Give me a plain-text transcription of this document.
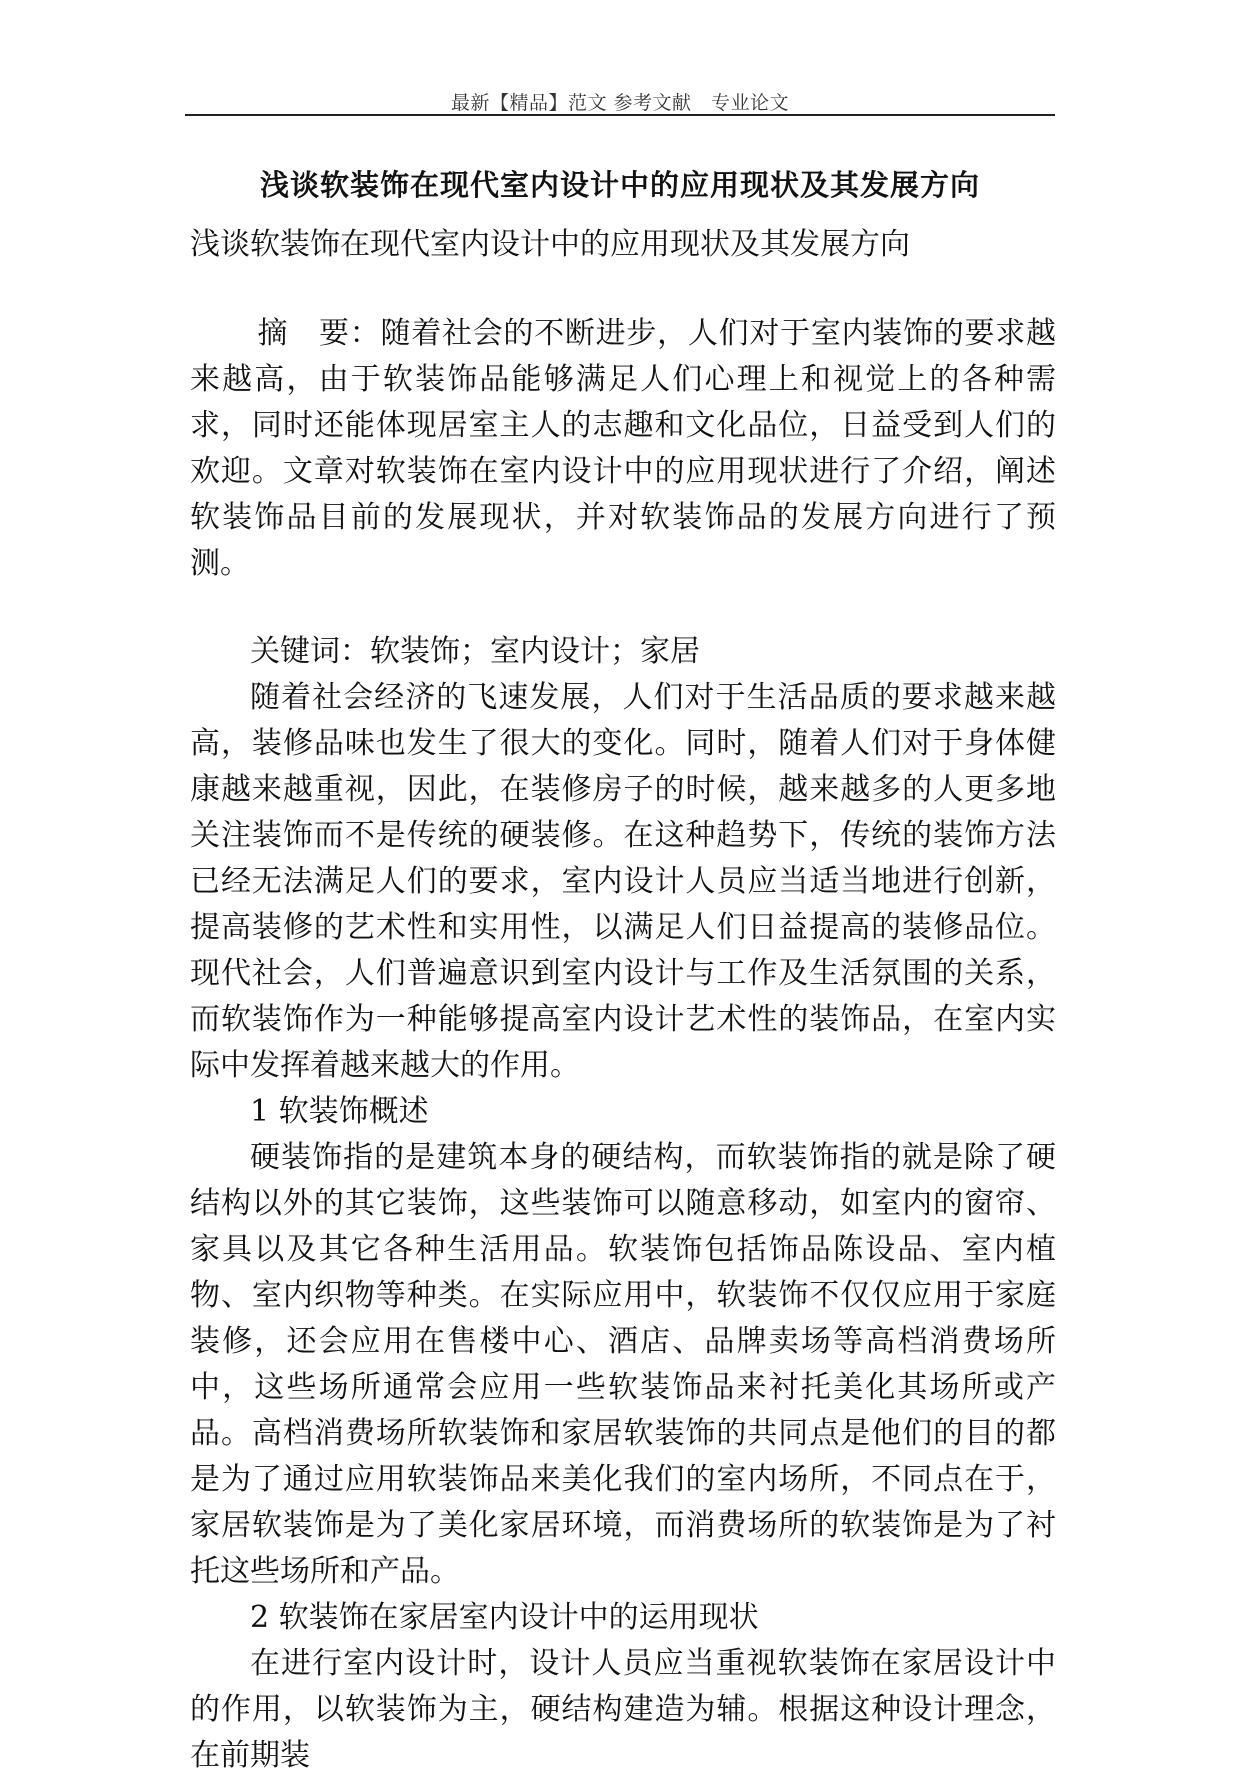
最新【精品】范文 参考文献　专业论文
浅谈软装饰在现代室内设计中的应用现状及其发展方向

浅谈软装饰在现代室内设计中的应用现状及其发展方向

摘　要：随着社会的不断进步，人们对于室内装饰的要求越来越高，由于软装饰品能够满足人们心理上和视觉上的各种需求，同时还能体现居室主人的志趣和文化品位，日益受到人们的欢迎。文章对软装饰在室内设计中的应用现状进行了介绍，阐述软装饰品目前的发展现状，并对软装饰品的发展方向进行了预测。

关键词：软装饰；室内设计；家居

随着社会经济的飞速发展，人们对于生活品质的要求越来越高，装修品味也发生了很大的变化。同时，随着人们对于身体健康越来越重视，因此，在装修房子的时候，越来越多的人更多地关注装饰而不是传统的硬装修。在这种趋势下，传统的装饰方法已经无法满足人们的要求，室内设计人员应当适当地进行创新，提高装修的艺术性和实用性，以满足人们日益提高的装修品位。现代社会，人们普遍意识到室内设计与工作及生活氛围的关系，而软装饰作为一种能够提高室内设计艺术性的装饰品，在室内实际中发挥着越来越大的作用。

1 软装饰概述

硬装饰指的是建筑本身的硬结构，而软装饰指的就是除了硬结构以外的其它装饰，这些装饰可以随意移动，如室内的窗帘、家具以及其它各种生活用品。软装饰包括饰品陈设品、室内植物、室内织物等种类。在实际应用中，软装饰不仅仅应用于家庭装修，还会应用在售楼中心、酒店、品牌卖场等高档消费场所中，这些场所通常会应用一些软装饰品来衬托美化其场所或产品。高档消费场所软装饰和家居软装饰的共同点是他们的目的都是为了通过应用软装饰品来美化我们的室内场所，不同点在于，家居软装饰是为了美化家居环境，而消费场所的软装饰是为了衬托这些场所和产品。

2 软装饰在家居室内设计中的运用现状

在进行室内设计时，设计人员应当重视软装饰在家居设计中的作用，以软装饰为主，硬结构建造为辅。根据这种设计理念，在前期装
